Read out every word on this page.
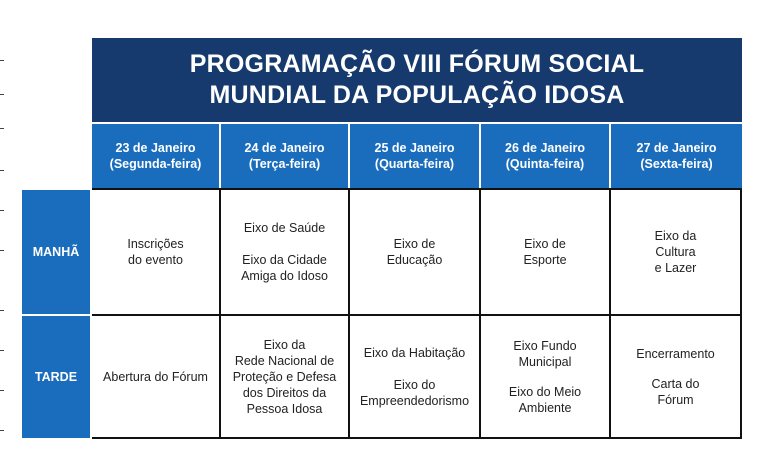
PROGRAMAÇÃO VIII FÓRUM SOCIAL
MUNDIAL DA POPULAÇÃO IDOSA
23 de Janeiro
(Segunda-feira)
24 de Janeiro
(Terça-feira)
25 de Janeiro
(Quarta-feira)
26 de Janeiro
(Quinta-feira)
27 de Janeiro
(Sexta-feira)
MANHÃ
TARDE
Inscrições
do evento
Eixo de Saúde
Eixo da Cidade
Amiga do Idoso
Eixo de
Educação
Eixo de
Esporte
Eixo da
Cultura
e Lazer
Abertura do Fórum
Eixo da
Rede Nacional de
Proteção e Defesa
dos Direitos da
Pessoa Idosa
Eixo da Habitação
Eixo do
Empreendedorismo
Eixo Fundo
Municipal
Eixo do Meio
Ambiente
Encerramento
Carta do
Fórum
